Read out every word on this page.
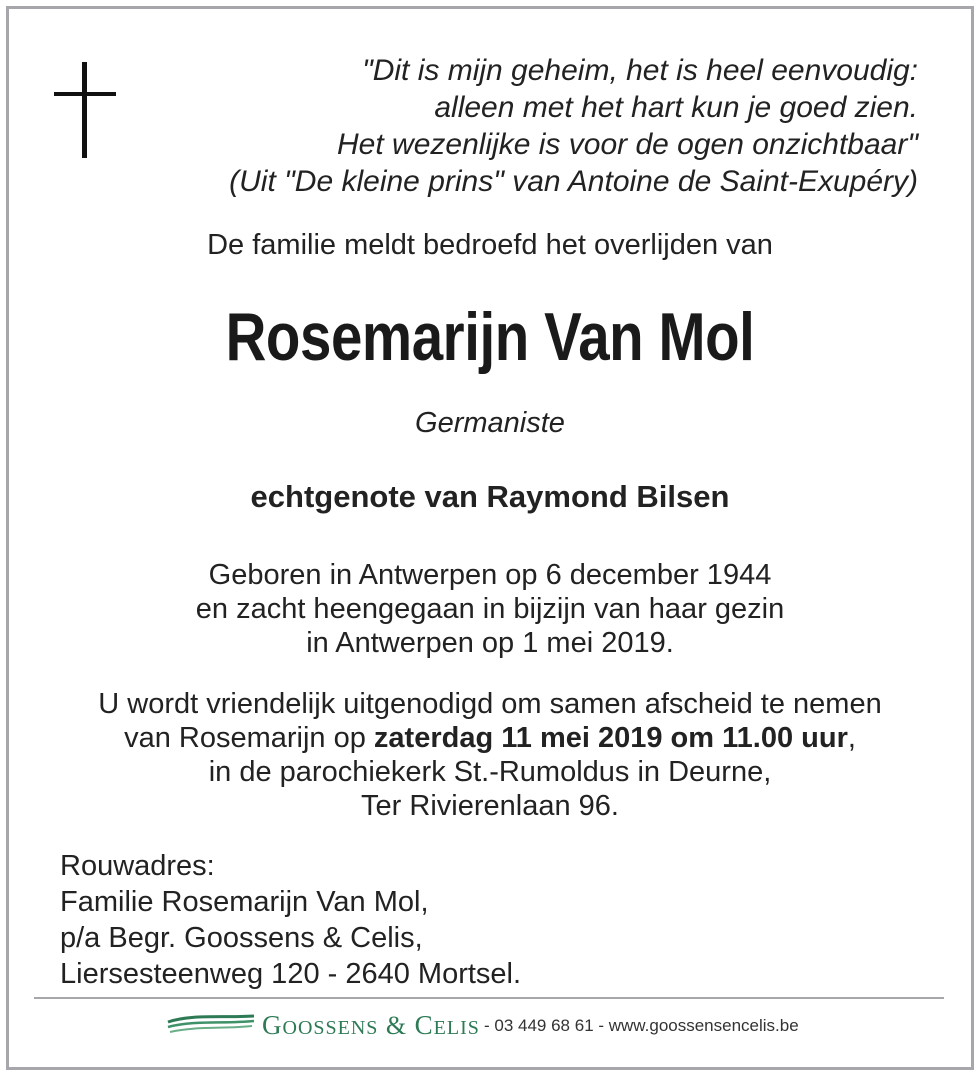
"Dit is mijn geheim, het is heel eenvoudig:
alleen met het hart kun je goed zien.
Het wezenlijke is voor de ogen onzichtbaar"
(Uit "De kleine prins" van Antoine de Saint-Exupéry)
De familie meldt bedroefd het overlijden van
Rosemarijn Van Mol
Germaniste
echtgenote van Raymond Bilsen
Geboren in Antwerpen op 6 december 1944
en zacht heengegaan in bijzijn van haar gezin
in Antwerpen op 1 mei 2019.
U wordt vriendelijk uitgenodigd om samen afscheid te nemen
van Rosemarijn op zaterdag 11 mei 2019 om 11.00 uur,
in de parochiekerk St.-Rumoldus in Deurne,
Ter Rivierenlaan 96.
Rouwadres:
Familie Rosemarijn Van Mol,
p/a Begr. Goossens & Celis,
Liersesteenweg 120 - 2640 Mortsel.
GOOSSENS & CELIS - 03 449 68 61 - www.goossensencelis.be
